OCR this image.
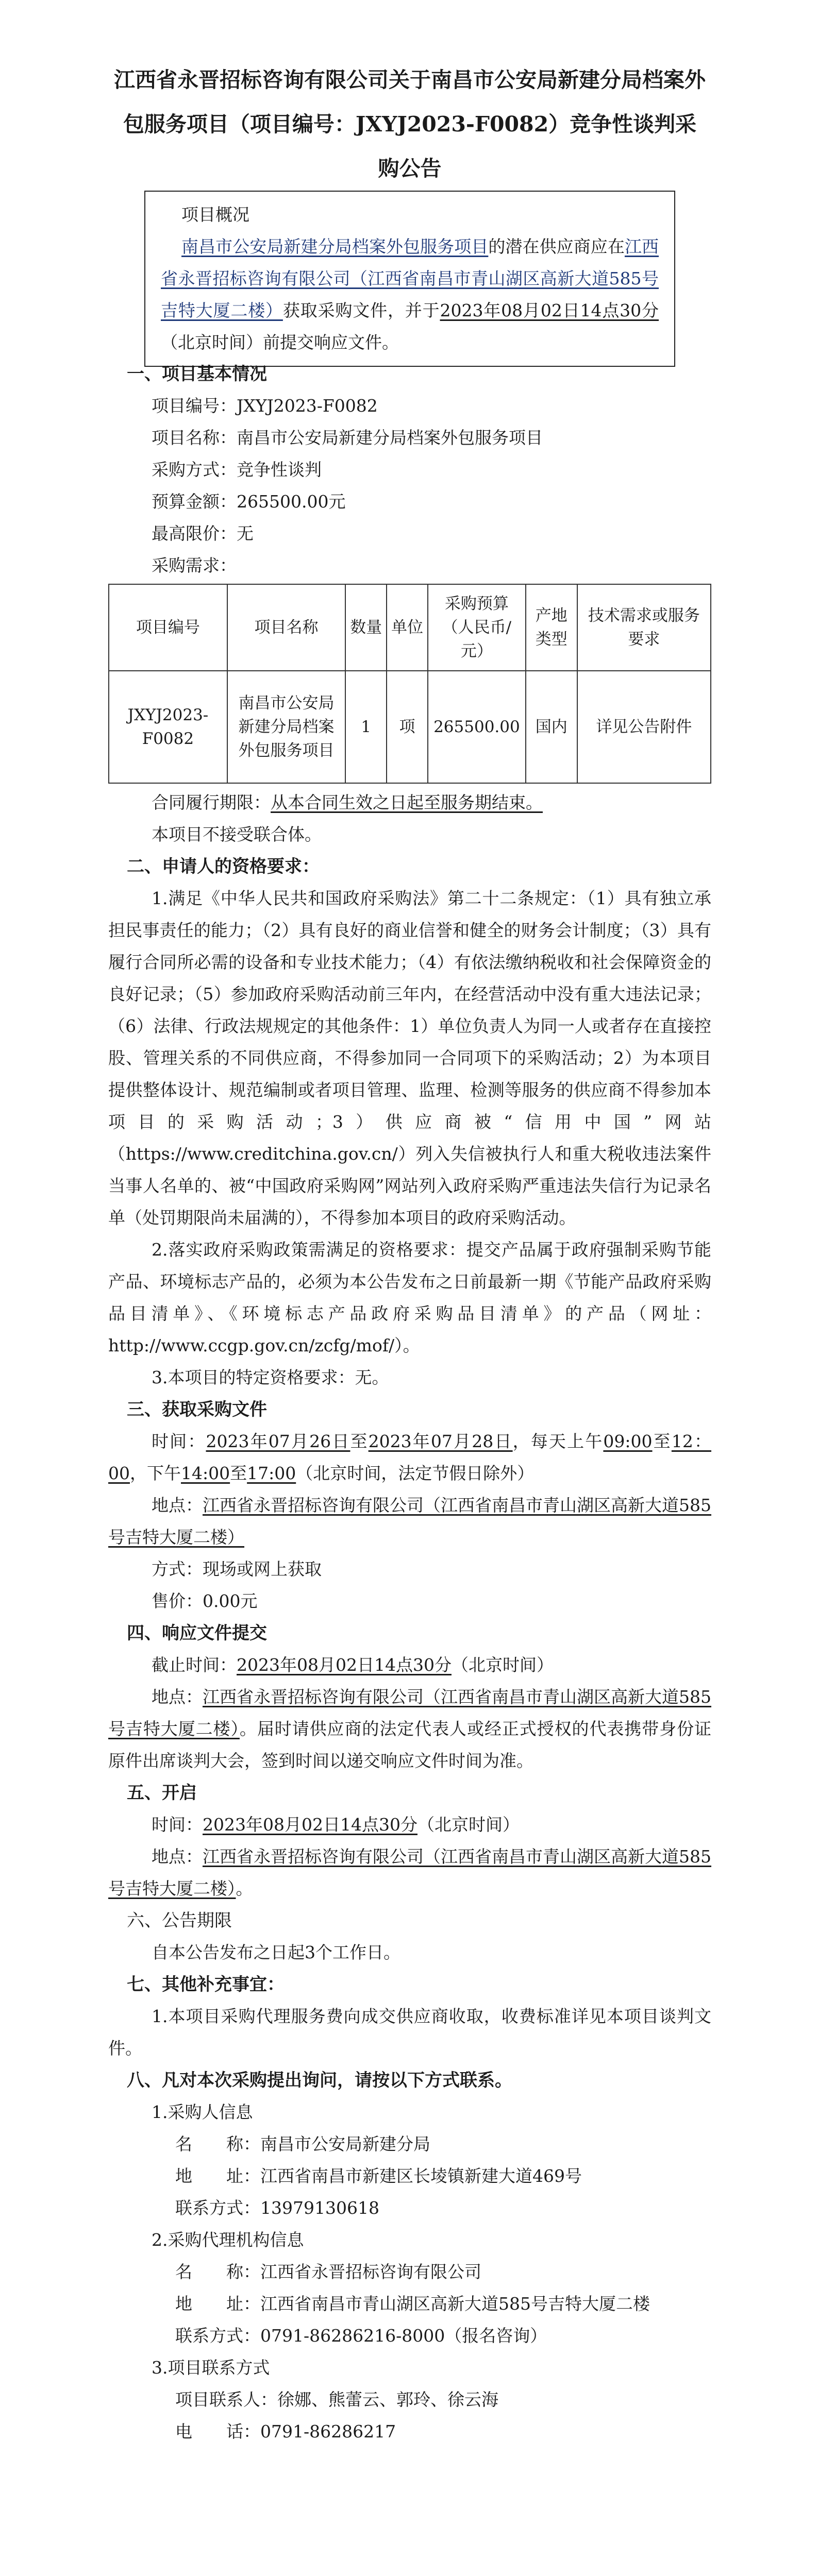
江西省永晋招标咨询有限公司关于南昌市公安局新建分局档案外包服务项目（项目编号：JXYJ2023-F0082）竞争性谈判采购公告

项目概况

南昌市公安局新建分局档案外包服务项目的潜在供应商应在江西省永晋招标咨询有限公司（江西省南昌市青山湖区高新大道585号吉特大厦二楼）获取采购文件，并于2023年08月02日14点30分（北京时间）前提交响应文件。

一、项目基本情况

项目编号：JXYJ2023-F0082

项目名称：南昌市公安局新建分局档案外包服务项目

采购方式：竞争性谈判

预算金额：265500.00元

最高限价：无

采购需求：

项目编号	项目名称	数量	单位	采购预算（人民币/元）	产地类型	技术需求或服务要求
JXYJ2023-F0082	南昌市公安局新建分局档案外包服务项目	1	项	265500.00	国内	详见公告附件

合同履行期限：从本合同生效之日起至服务期结束。

本项目不接受联合体。

二、申请人的资格要求：

1.满足《中华人民共和国政府采购法》第二十二条规定：（1）具有独立承担民事责任的能力；（2）具有良好的商业信誉和健全的财务会计制度；（3）具有履行合同所必需的设备和专业技术能力；（4）有依法缴纳税收和社会保障资金的良好记录；（5）参加政府采购活动前三年内，在经营活动中没有重大违法记录；（6）法律、行政法规规定的其他条件：1）单位负责人为同一人或者存在直接控股、管理关系的不同供应商，不得参加同一合同项下的采购活动；2）为本项目提供整体设计、规范编制或者项目管理、监理、检测等服务的供应商不得参加本项目的采购活动；3）供应商被“信用中国”网站（https://www.creditchina.gov.cn/）列入失信被执行人和重大税收违法案件当事人名单的、被“中国政府采购网”网站列入政府采购严重违法失信行为记录名单（处罚期限尚未届满的），不得参加本项目的政府采购活动。

2.落实政府采购政策需满足的资格要求：提交产品属于政府强制采购节能产品、环境标志产品的，必须为本公告发布之日前最新一期《节能产品政府采购品目清单》、《环境标志产品政府采购品目清单》的产品（网址：http://www.ccgp.gov.cn/zcfg/mof/）。

3.本项目的特定资格要求：无。

三、获取采购文件

时间：2023年07月26日至2023年07月28日，每天上午09:00至12：00，下午14:00至17:00（北京时间，法定节假日除外）

地点：江西省永晋招标咨询有限公司（江西省南昌市青山湖区高新大道585号吉特大厦二楼）

方式：现场或网上获取

售价：0.00元

四、响应文件提交

截止时间：2023年08月02日14点30分（北京时间）

地点：江西省永晋招标咨询有限公司（江西省南昌市青山湖区高新大道585号吉特大厦二楼）。届时请供应商的法定代表人或经正式授权的代表携带身份证原件出席谈判大会，签到时间以递交响应文件时间为准。

五、开启

时间：2023年08月02日14点30分（北京时间）

地点：江西省永晋招标咨询有限公司（江西省南昌市青山湖区高新大道585号吉特大厦二楼）。

六、公告期限

自本公告发布之日起3个工作日。

七、其他补充事宜：

1.本项目采购代理服务费向成交供应商收取，收费标准详见本项目谈判文件。

八、凡对本次采购提出询问，请按以下方式联系。

1.采购人信息

名　　称：南昌市公安局新建分局

地　　址：江西省南昌市新建区长堎镇新建大道469号

联系方式：13979130618

2.采购代理机构信息

名　　称：江西省永晋招标咨询有限公司

地　　址：江西省南昌市青山湖区高新大道585号吉特大厦二楼

联系方式：0791-86286216-8000（报名咨询）

3.项目联系方式

项目联系人：徐娜、熊蕾云、郭玲、徐云海

电　　话：0791-86286217
